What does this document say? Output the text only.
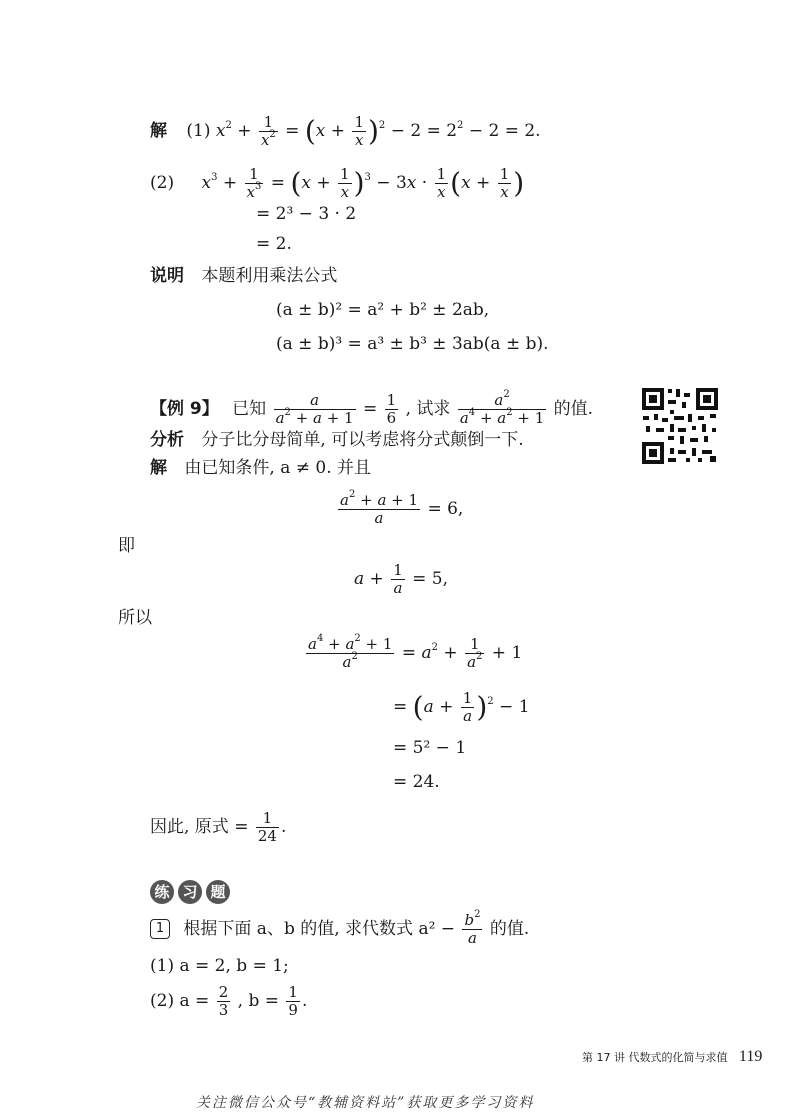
解 (1) $x^2 + \frac{1}{x^2} = (x + \frac{1}{x} )^2 - 2 = 2^2 - 2 = 2$.
(2) $x^3 + \frac{1}{x^3} = (x + \frac{1}{x} )^3 - 3x \cdot \frac{1}{x} (x + \frac{1}{x}$ )
= 2³ − 3 · 2
= 2.
说明 本题利用乘法公式
(a ± b)² = a² + b² ± 2ab,
(a ± b)³ = a³ ± b³ ± 3ab(a ± b).
【例 9】 已知 $\frac{a}{a^2 + a + 1} = \frac{1}{6}$ , 试求 $\frac{a^2}{a^4 + a^2 + 1}$ 的值.
分析 分子比分母简单, 可以考虑将分式颠倒一下.
解 由已知条件, a ≠ 0. 并且
$\frac{a^2 + a + 1}{a} = 6$,
即
$a + \frac{1}{a} = 5$,
所以
$\frac{a^4 + a^2 + 1}{a^2} = a^2 + \frac{1}{a^2} + 1$
= $(a + \frac{1}{a} )^2 - 1$
= 5² − 1
= 24.
因此, 原式 = $\frac{1}{24}$ .
练 习 题
1 根据下面 a、b 的值, 求代数式 $a^2 - \frac{b^2}{a}$ 的值.
(1) a = 2, b = 1;
(2) $a = \frac{2}{3}$ , $b = \frac{1}{9}$ .
第 17 讲 代数式的化简与求值 119
关注微信公众号“教辅资料站”获取更多学习资料
